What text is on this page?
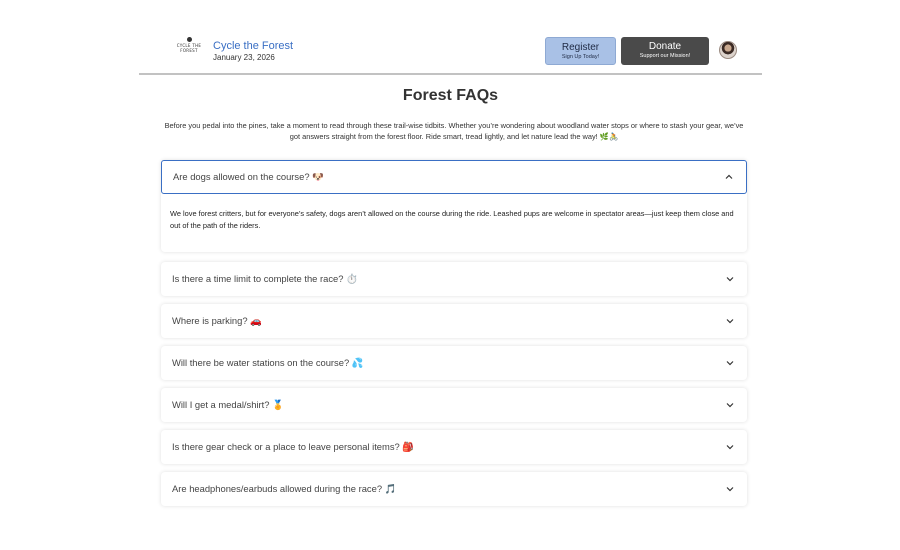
CYCLE THE
FOREST Cycle the Forest
January 23, 2026
Register
Sign Up Today!
Donate
Support our Mission!
Forest FAQs

Before you pedal into the pines, take a moment to read through these trail-wise tidbits. Whether you’re wondering about woodland water stops or where to stash your gear, we’ve got answers straight from the forest floor. Ride smart, tread lightly, and let nature lead the way! 🌿🚴

Are dogs allowed on the course? 🐶
We love forest critters, but for everyone’s safety, dogs aren’t allowed on the course during the ride. Leashed pups are welcome in spectator areas—just keep them close and out of the path of the riders.
Is there a time limit to complete the race? ⏱️
Where is parking? 🚗
Will there be water stations on the course? 💦
Will I get a medal/shirt? 🏅
Is there gear check or a place to leave personal items? 🎒
Are headphones/earbuds allowed during the race? 🎵
